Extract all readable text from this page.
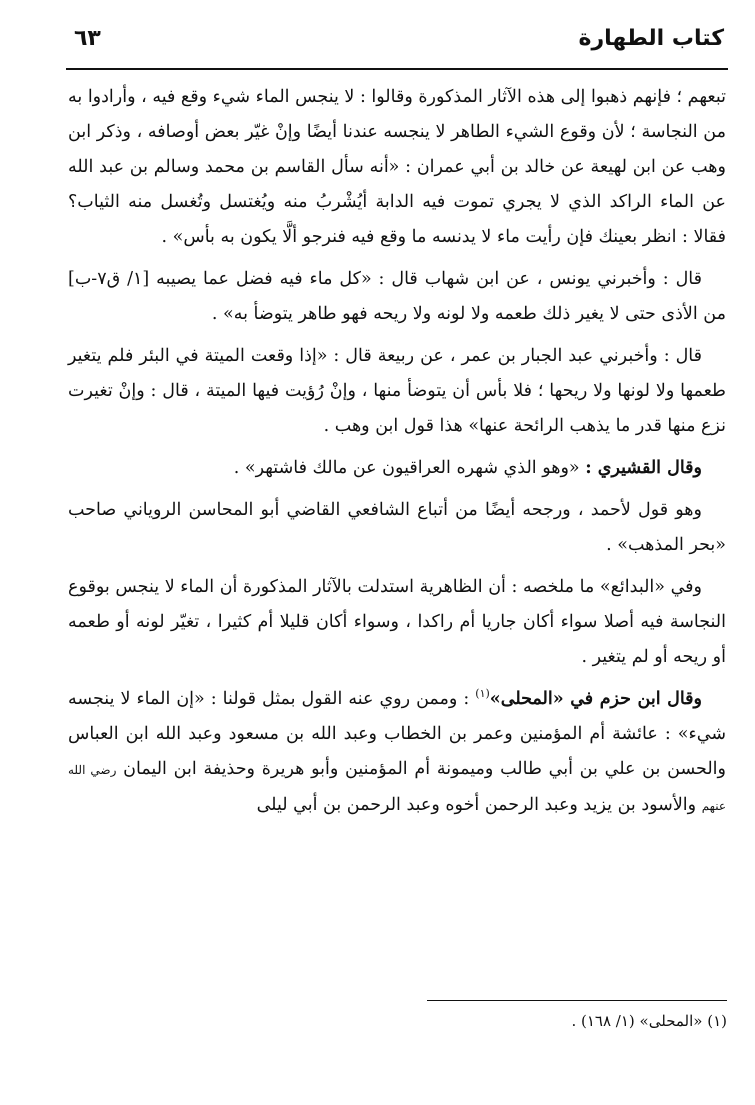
كتاب الطهارة
٦٣

تبعهم ؛ فإنهم ذهبوا إلى هذه الآثار المذكورة وقالوا : لا ينجس الماء شيء وقع فيه ، وأرادوا به من النجاسة ؛ لأن وقوع الشيء الطاهر لا ينجسه عندنا أيضًا وإنْ غيّر بعض أوصافه ، وذكر ابن وهب عن ابن لهيعة عن خالد بن أبي عمران : «أنه سأل القاسم بن محمد وسالم بن عبد الله عن الماء الراكد الذي لا يجري تموت فيه الدابة أيُشْربُ منه ويُغتسل وتُغسل منه الثياب؟ فقالا : انظر بعينك فإن رأيت ماء لا يدنسه ما وقع فيه فنرجو ألَّا يكون به بأس» .

قال : وأخبرني يونس ، عن ابن شهاب قال : «كل ماء فيه فضل عما يصيبه [١/ ق٧-ب] من الأذى حتى لا يغير ذلك طعمه ولا لونه ولا ريحه فهو طاهر يتوضأ به» .

قال : وأخبرني عبد الجبار بن عمر ، عن ربيعة قال : «إذا وقعت الميتة في البئر فلم يتغير طعمها ولا لونها ولا ريحها ؛ فلا بأس أن يتوضأ منها ، وإنْ رُؤيت فيها الميتة ، قال : وإنْ تغيرت نزع منها قدر ما يذهب الرائحة عنها» هذا قول ابن وهب .

وقال القشيري : «وهو الذي شهره العراقيون عن مالك فاشتهر» .

وهو قول لأحمد ، ورجحه أيضًا من أتباع الشافعي القاضي أبو المحاسن الروياني صاحب «بحر المذهب» .

وفي «البدائع» ما ملخصه : أن الظاهرية استدلت بالآثار المذكورة أن الماء لا ينجس بوقوع النجاسة فيه أصلا سواء أكان جاريا أم راكدا ، وسواء أكان قليلا أم كثيرا ، تغيّر لونه أو طعمه أو ريحه أو لم يتغير .

وقال ابن حزم في «المحلى»$^{(١)}$ : وممن روي عنه القول بمثل قولنا : «إن الماء لا ينجسه شيء» : عائشة أم المؤمنين وعمر بن الخطاب وعبد الله بن مسعود وعبد الله ابن العباس والحسن بن علي بن أبي طالب وميمونة أم المؤمنين وأبو هريرة وحذيفة ابن اليمان رضي الله عنهم والأسود بن يزيد وعبد الرحمن أخوه وعبد الرحمن بن أبي ليلى

(١) «المحلى» (١/ ١٦٨) .
